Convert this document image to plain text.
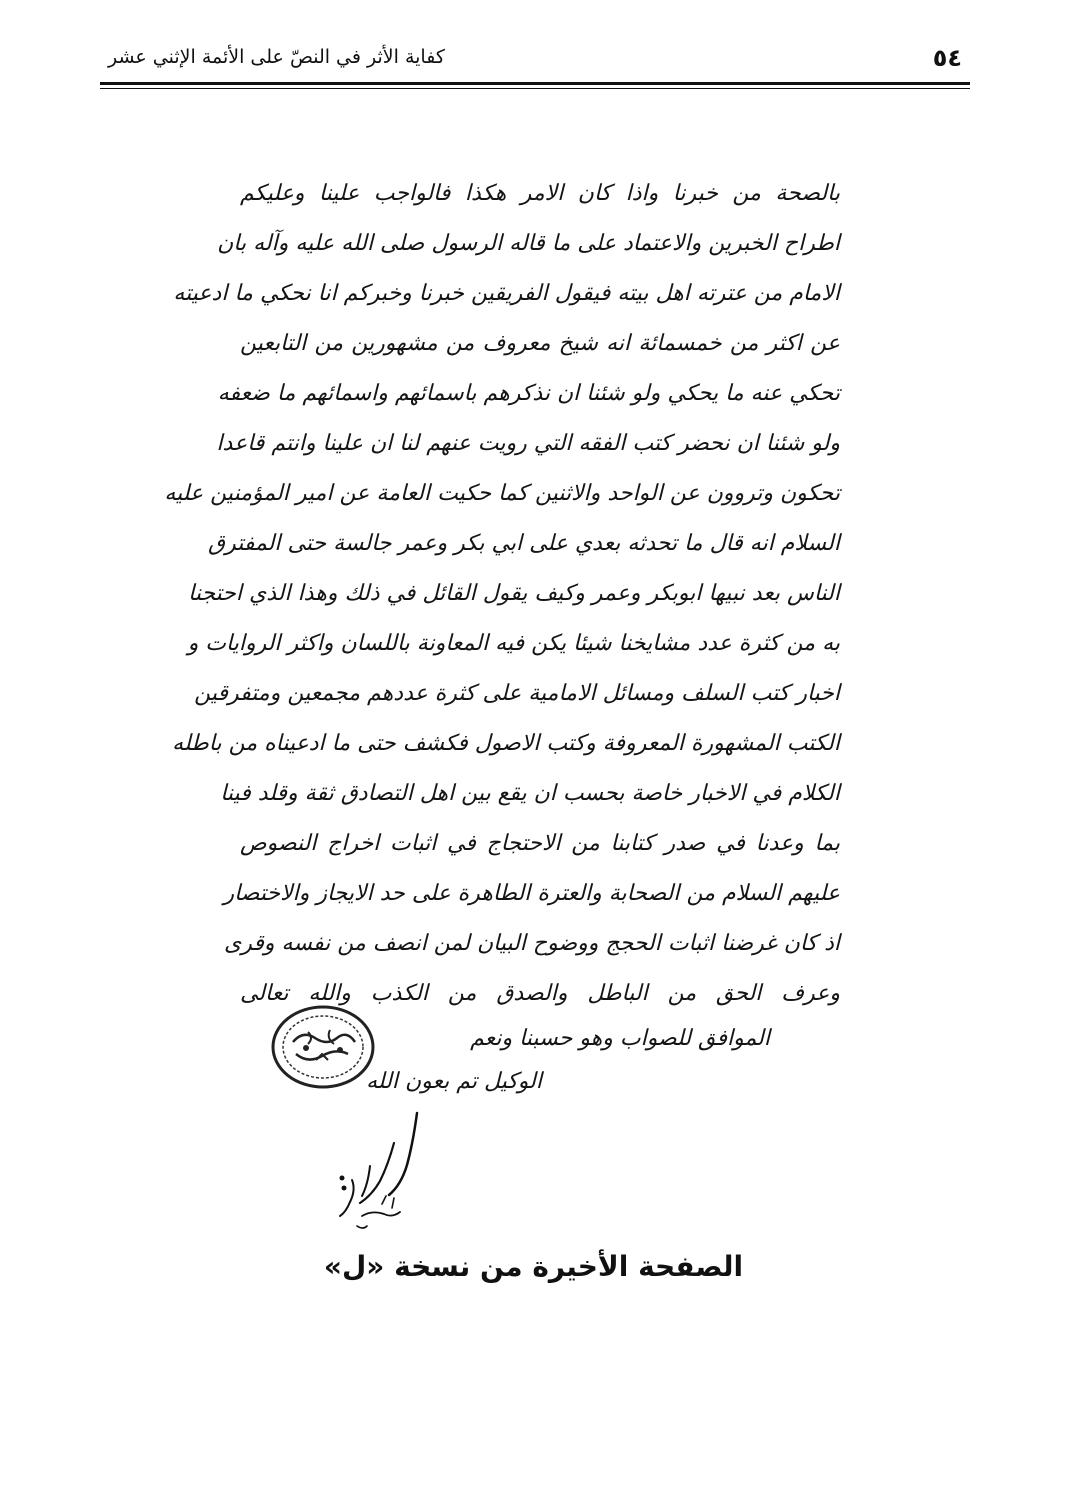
٥٤
كفاية الأثر في النصّ على الأئمة الإثني عشر
بالصحة من خبرنا واذا كان الامر هكذا فالواجب علينا وعليكم
اطراح الخبرين والاعتماد على ما قاله الرسول صلى الله عليه وآله بان
الامام من عترته اهل بيته فيقول الفريقين خبرنا وخبركم انا نحكي ما ادعيته
عن اكثر من خمسمائة انه شيخ معروف من مشهورين من التابعين
تحكي عنه ما يحكي ولو شئنا ان نذكرهم باسمائهم واسمائهم ما ضعفه
ولو شئنا ان نحضر كتب الفقه التي رويت عنهم لنا ان علينا وانتم قاعدا
تحكون وتروون عن الواحد والاثنين كما حكيت العامة عن امير المؤمنين عليه
السلام انه قال ما تحدثه بعدي على ابي بكر وعمر جالسة حتى المفترق
الناس بعد نبيها ابوبكر وعمر وكيف يقول القائل في ذلك وهذا الذي احتجنا
به من كثرة عدد مشايخنا شيئا يكن فيه المعاونة باللسان واكثر الروايات و
اخبار كتب السلف ومسائل الامامية على كثرة عددهم مجمعين ومتفرقين
الكتب المشهورة المعروفة وكتب الاصول فكشف حتى ما ادعيناه من باطله
الكلام في الاخبار خاصة بحسب ان يقع بين اهل التصادق ثقة وقلد فينا
بما وعدنا في صدر كتابنا من الاحتجاج في اثبات اخراج النصوص
عليهم السلام من الصحابة والعترة الطاهرة على حد الايجاز والاختصار
اذ كان غرضنا اثبات الحجج ووضوح البيان لمن انصف من نفسه وقرى
وعرف الحق من الباطل والصدق من الكذب والله تعالى
الموافق للصواب وهو حسبنا ونعم
الوكيل تم بعون الله
الصفحة الأخيرة من نسخة «ل»
